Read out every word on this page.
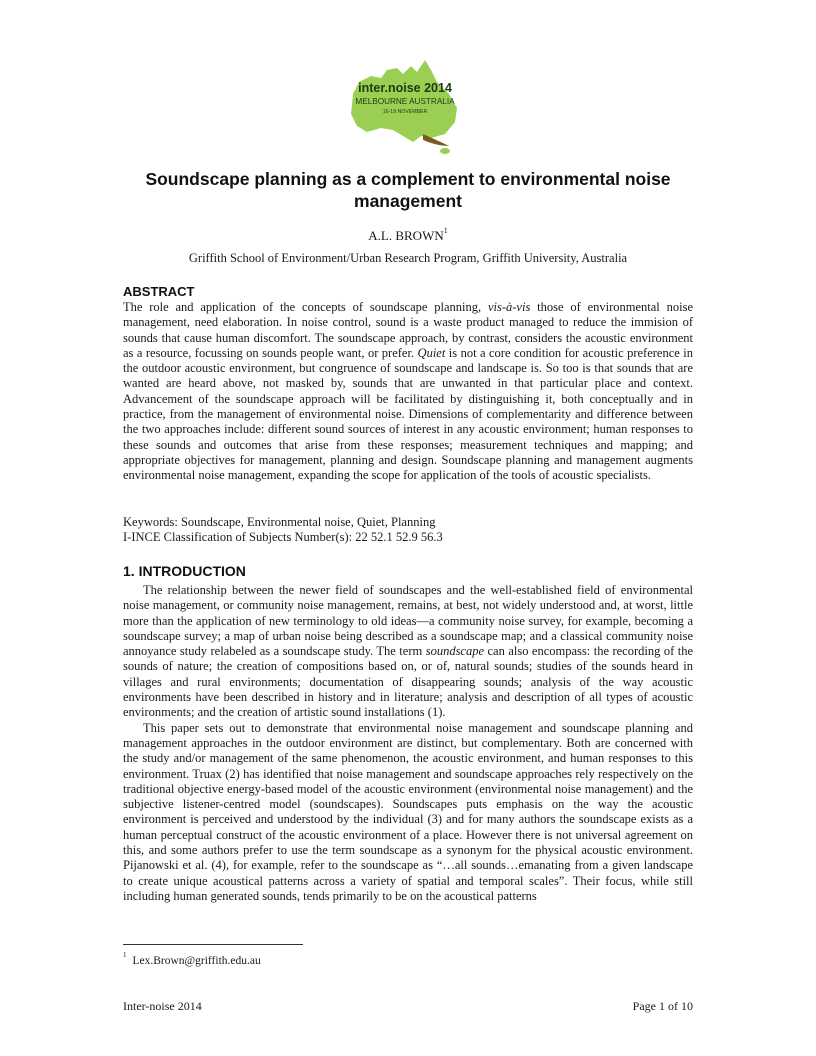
inter.noise 2014
MELBOURNE AUSTRALIA
16-19 NOVEMBER
Soundscape planning as a complement to environmental noise management
A.L. BROWN$^1$
Griffith School of Environment/Urban Research Program, Griffith University, Australia
ABSTRACT

The role and application of the concepts of soundscape planning, vis-à-vis those of environmental noise management, need elaboration. In noise control, sound is a waste product managed to reduce the immision of sounds that cause human discomfort. The soundscape approach, by contrast, considers the acoustic environment as a resource, focussing on sounds people want, or prefer. Quiet is not a core condition for acoustic preference in the outdoor acoustic environment, but congruence of soundscape and landscape is. So too is that sounds that are wanted are heard above, not masked by, sounds that are unwanted in that particular place and context. Advancement of the soundscape approach will be facilitated by distinguishing it, both conceptually and in practice, from the management of environmental noise. Dimensions of complementarity and difference between the two approaches include: different sound sources of interest in any acoustic environment; human responses to these sounds and outcomes that arise from these responses; measurement techniques and mapping; and appropriate objectives for management, planning and design. Soundscape planning and management augments environmental noise management, expanding the scope for application of the tools of acoustic specialists.

Keywords: Soundscape, Environmental noise, Quiet, Planning
I-INCE Classification of Subjects Number(s): 22 52.1 52.9 56.3
1. INTRODUCTION

The relationship between the newer field of soundscapes and the well-established field of environmental noise management, or community noise management, remains, at best, not widely understood and, at worst, little more than the application of new terminology to old ideas—a community noise survey, for example, becoming a soundscape survey; a map of urban noise being described as a soundscape map; and a classical community noise annoyance study relabeled as a soundscape study. The term soundscape can also encompass: the recording of the sounds of nature; the creation of compositions based on, or of, natural sounds; studies of the sounds heard in villages and rural environments; documentation of disappearing sounds; analysis of the way acoustic environments have been described in history and in literature; analysis and description of all types of acoustic environments; and the creation of artistic sound installations (1).

This paper sets out to demonstrate that environmental noise management and soundscape planning and management approaches in the outdoor environment are distinct, but complementary. Both are concerned with the study and/or management of the same phenomenon, the acoustic environment, and human responses to this environment. Truax (2) has identified that noise management and soundscape approaches rely respectively on the traditional objective energy-based model of the acoustic environment (environmental noise management) and the subjective listener-centred model (soundscapes). Soundscapes puts emphasis on the way the acoustic environment is perceived and understood by the individual (3) and for many authors the soundscape exists as a human perceptual construct of the acoustic environment of a place. However there is not universal agreement on this, and some authors prefer to use the term soundscape as a synonym for the physical acoustic environment. Pijanowski et al. (4), for example, refer to the soundscape as “…all sounds…emanating from a given landscape to create unique acoustical patterns across a variety of spatial and temporal scales”. Their focus, while still including human generated sounds, tends primarily to be on the acoustical patterns

$^1$ Lex.Brown@griffith.edu.au
Inter-noise 2014	Page 1 of 10
